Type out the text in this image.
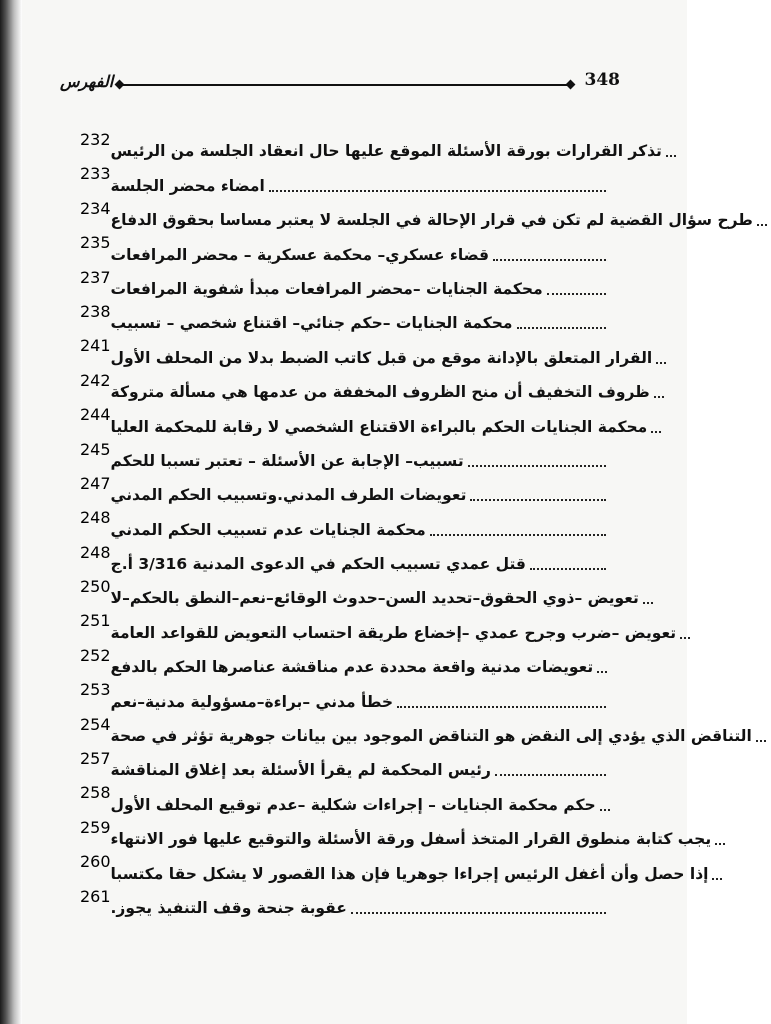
الفهرس	348
232
تذكر القرارات بورقة الأسئلة الموقع عليها حال انعقاد الجلسة من الرئيس
233
امضاء محضر الجلسة
234
طرح سؤال القضية لم تكن في قرار الإحالة في الجلسة لا يعتبر مساسا بحقوق الدفاع
235
قضاء عسكري– محكمة عسكرية – محضر المرافعات
237
محكمة الجنايات –محضر المرافعات مبدأ شفوية المرافعات
238
محكمة الجنايات –حكم جنائي– اقتناع شخصي – تسبيب
241
القرار المتعلق بالإدانة موقع من قبل كاتب الضبط بدلا من المحلف الأول
242
ظروف التخفيف أن منح الظروف المخففة من عدمها هي مسألة متروكة
244
محكمة الجنايات الحكم بالبراءة الاقتناع الشخصي لا رقابة للمحكمة العليا
245
تسبيب– الإجابة عن الأسئلة – تعتبر تسببا للحكم
247
تعويضات الطرف المدني.وتسبيب الحكم المدني
248
محكمة الجنايات عدم تسبيب الحكم المدني
248
قتل عمدي تسبيب الحكم في الدعوى المدنية 3/316 أ.ج
250
تعويض –ذوي الحقوق–تحديد السن–حدوث الوقائع–نعم–النطق بالحكم–لا
251
تعويض –ضرب وجرح عمدي –إخضاع طريقة احتساب التعويض للقواعد العامة
252
تعويضات مدنية واقعة محددة عدم مناقشة عناصرها الحكم بالدفع
253
خطأ مدني –براءة–مسؤولية مدنية–نعم
254
التناقض الذي يؤدي إلى النقض هو التناقض الموجود بين بيانات جوهرية تؤثر في صحة
257
رئيس المحكمة لم يقرأ الأسئلة بعد إغلاق المناقشة
258
حكم محكمة الجنايات – إجراءات شكلية –عدم توقيع المحلف الأول
259
يجب كتابة منطوق القرار المتخذ أسفل ورقة الأسئلة والتوقيع عليها فور الانتهاء
260
إذا حصل وأن أغفل الرئيس إجراءا جوهريا فإن هذا القصور لا يشكل حقا مكتسبا
261
عقوبة جنحة وقف التنفيذ يجوز.
